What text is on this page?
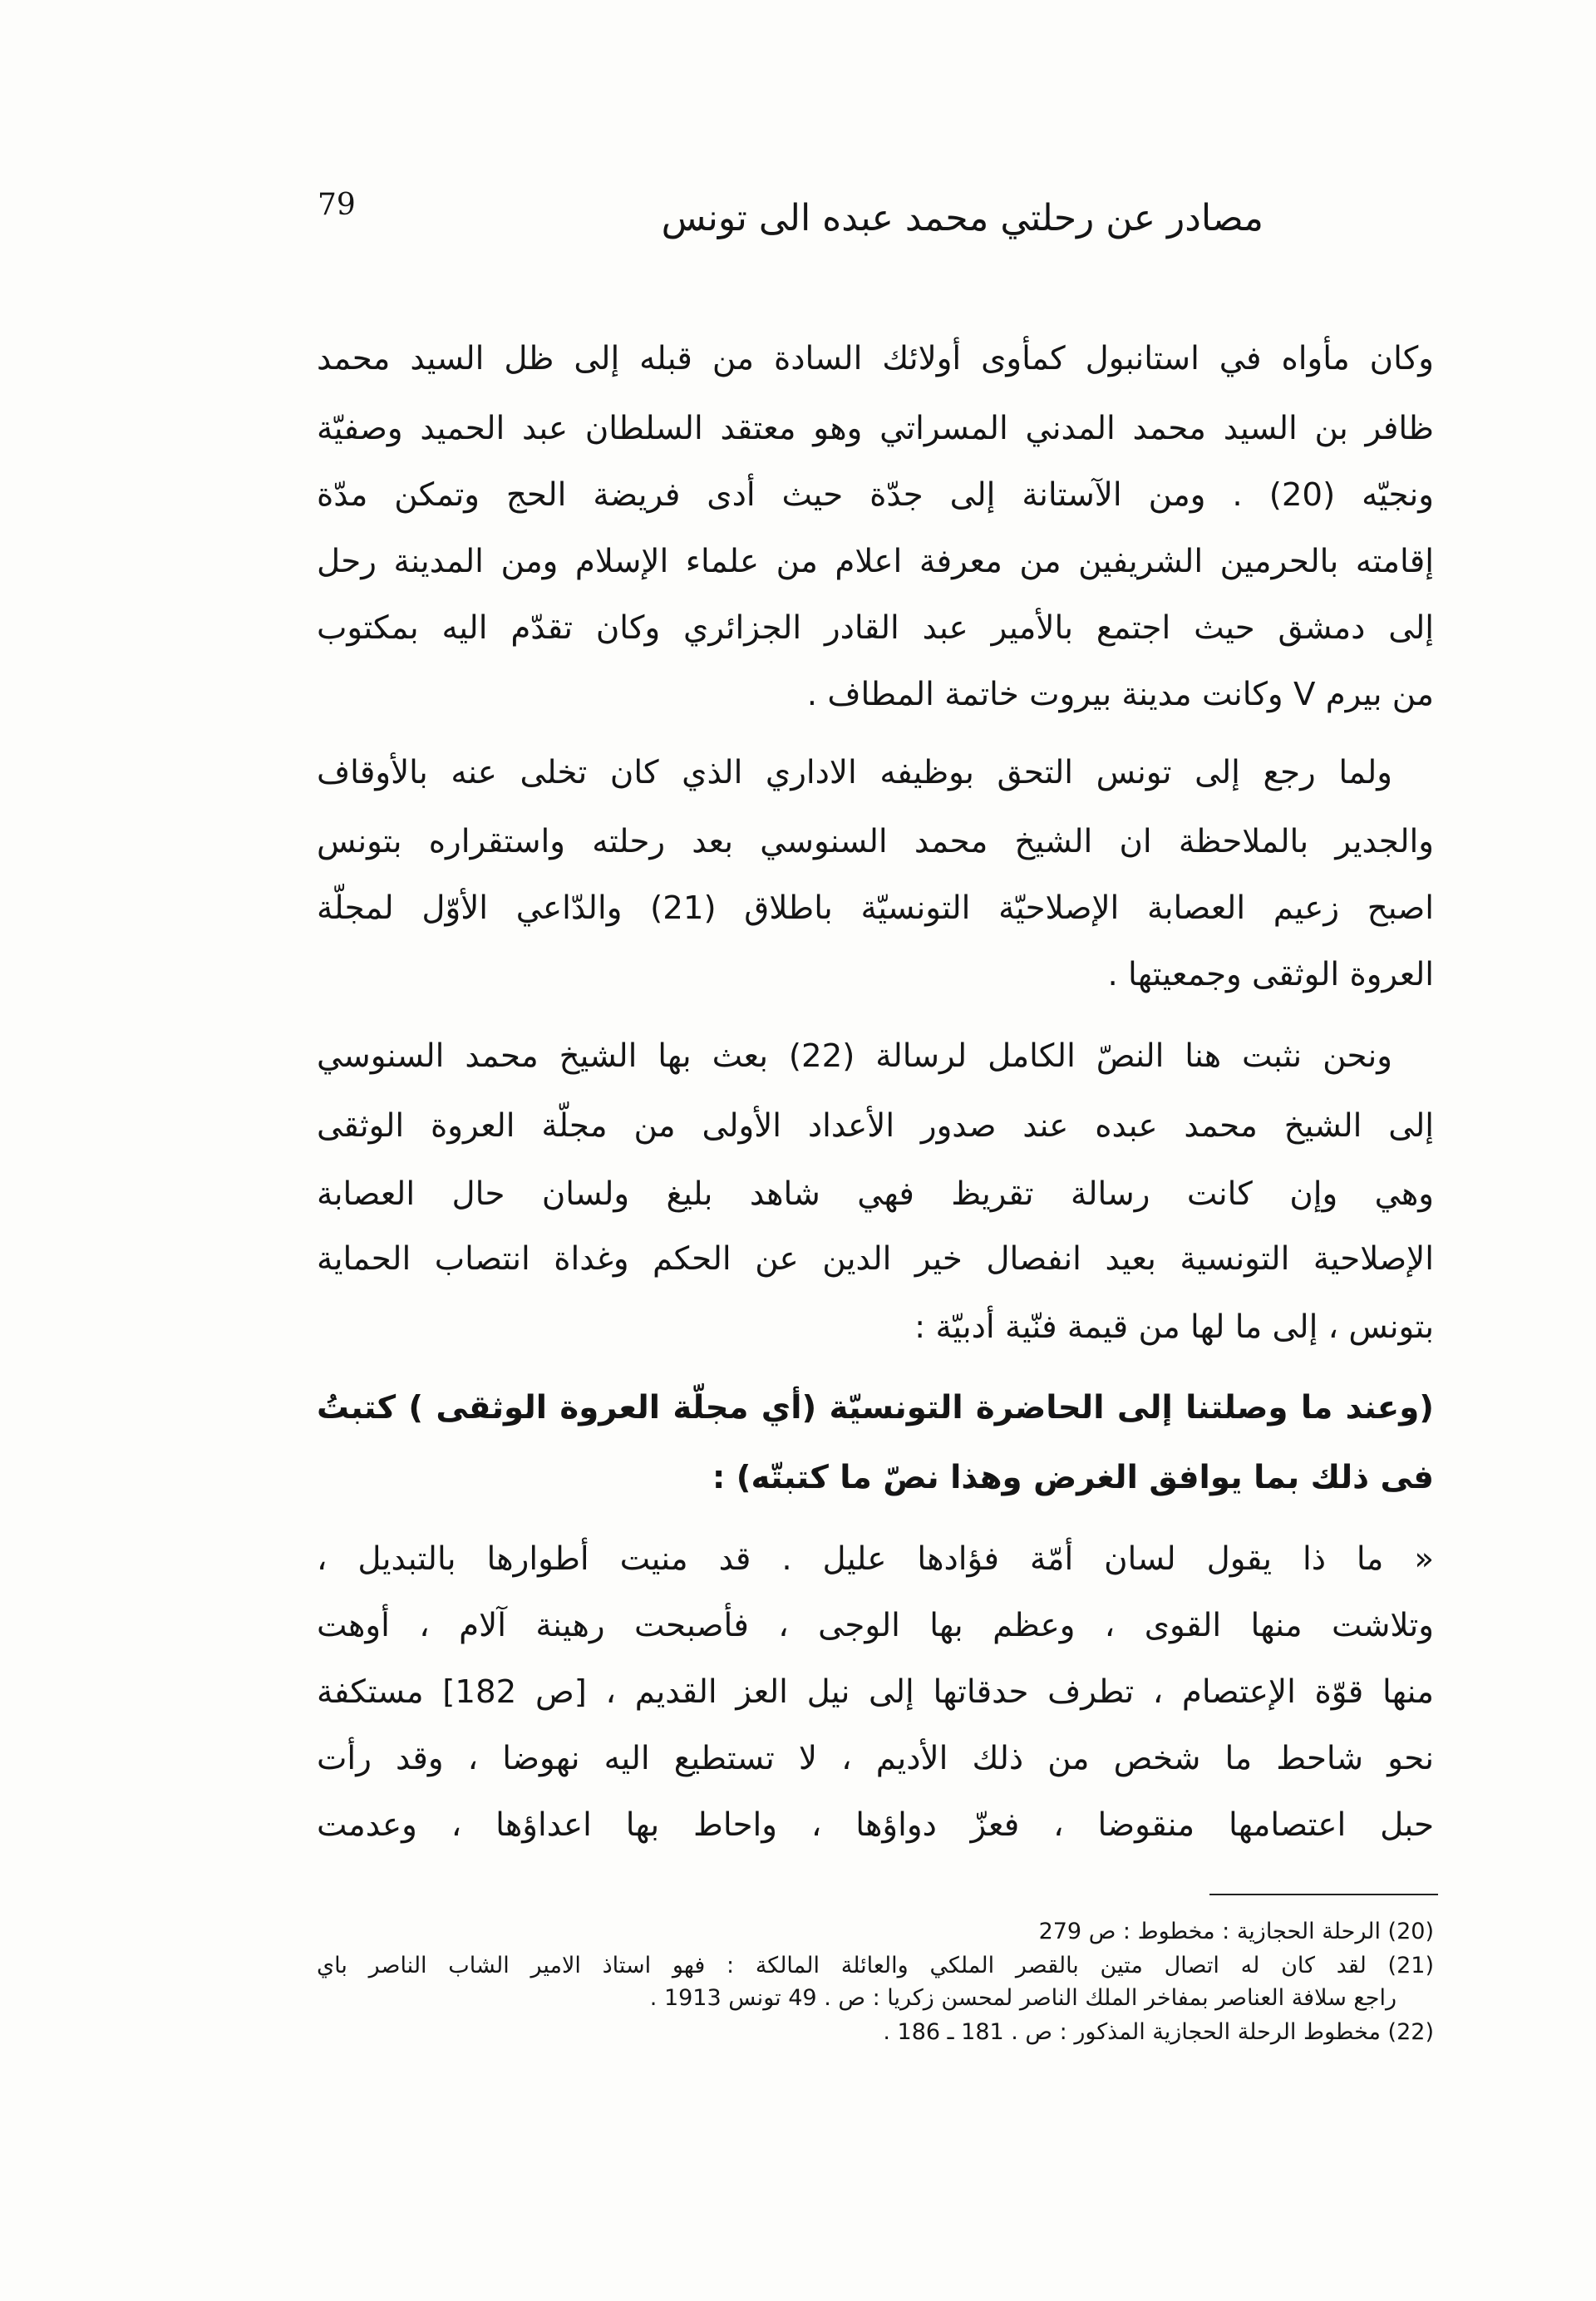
79	مصادر عن رحلتي محمد عبده الى تونس
وكان مأواه في استانبول كمأوى أولائك السادة من قبله إلى ظل السيد محمد
ظافر بن السيد محمد المدني المسراتي وهو معتقد السلطان عبد الحميد وصفيّة
ونجيّه (20) . ومن الآستانة إلى جدّة حيث أدى فريضة الحج وتمكن مدّة
إقامته بالحرمين الشريفين من معرفة اعلام من علماء الإسلام ومن المدينة رحل
إلى دمشق حيث اجتمع بالأمير عبد القادر الجزائري وكان تقدّم اليه بمكتوب
من بيرم V وكانت مدينة بيروت خاتمة المطاف .
ولما رجع إلى تونس التحق بوظيفه الاداري الذي كان تخلى عنه بالأوقاف
والجدير بالملاحظة ان الشيخ محمد السنوسي بعد رحلته واستقراره بتونس
اصبح زعيم العصابة الإصلاحيّة التونسيّة باطلاق (21) والدّاعي الأوّل لمجلّة
العروة الوثقى وجمعيتها .
ونحن نثبت هنا النصّ الكامل لرسالة (22) بعث بها الشيخ محمد السنوسي
إلى الشيخ محمد عبده عند صدور الأعداد الأولى من مجلّة العروة الوثقى
وهي وإن كانت رسالة تقريظ فهي شاهد بليغ ولسان حال العصابة
الإصلاحية التونسية بعيد انفصال خير الدين عن الحكم وغداة انتصاب الحماية
بتونس ، إلى ما لها من قيمة فنّية أدبيّة :
(وعند ما وصلتنا إلى الحاضرة التونسيّة (أي مجلّة العروة الوثقى ) كتبتُ
فى ذلك بما يوافق الغرض وهذا نصّ ما كتبتّه) :
« ما ذا يقول لسان أمّة فؤادها عليل . قد منيت أطوارها بالتبديل ،
وتلاشت منها القوى ، وعظم بها الوجى ، فأصبحت رهينة آلام ، أوهت
منها قوّة الإعتصام ، تطرف حدقاتها إلى نيل العز القديم ، [ص 182] مستكفة
نحو شاحط ما شخص من ذلك الأديم ، لا تستطيع اليه نهوضا ، وقد رأت
حبل اعتصامها منقوضا ، فعزّ دواؤها ، واحاط بها اعداؤها ، وعدمت
(20) الرحلة الحجازية : مخطوط : ص 279
(21) لقد كان له اتصال متين بالقصر الملكي والعائلة المالكة : فهو استاذ الامير الشاب الناصر باي
راجع سلافة العناصر بمفاخر الملك الناصر لمحسن زكريا : ص . 49 تونس 1913 .
(22) مخطوط الرحلة الحجازية المذكور : ص . 181 ـ 186 .
